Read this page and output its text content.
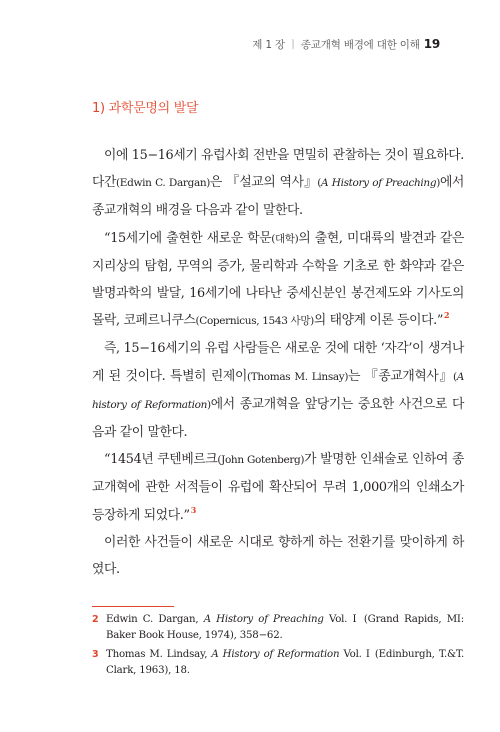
제 1 장 ㅣ 종교개혁 배경에 대한 이해 19
1) 과학문명의 발달

이에 15−16세기 유럽사회 전반을 면밀히 관찰하는 것이 필요하다. 다간(Edwin C. Dargan)은 『설교의 역사』(A History of Preaching)에서 종교개혁의 배경을 다음과 같이 말한다.

“15세기에 출현한 새로운 학문(대학)의 출현, 미대륙의 발견과 같은 지리상의 탐험, 무역의 증가, 물리학과 수학을 기초로 한 화약과 같은 발명과학의 발달, 16세기에 나타난 중세신분인 봉건제도와 기사도의 몰락, 코페르니쿠스(Copernicus, 1543 사망)의 태양계 이론 등이다.”$^2$

즉, 15−16세기의 유럽 사람들은 새로운 것에 대한 ‘자각’이 생겨나게 된 것이다. 특별히 린제이(Thomas M. Linsay)는 『종교개혁사』(A history of Reformation)에서 종교개혁을 앞당기는 중요한 사건으로 다음과 같이 말한다.

“1454년 쿠텐베르크(John Gotenberg)가 발명한 인쇄술로 인하여 종교개혁에 관한 서적들이 유럽에 확산되어 무려 1,000개의 인쇄소가 등장하게 되었다.”$^3$

이러한 사건들이 새로운 시대로 향하게 하는 전환기를 맞이하게 하였다.

2 Edwin C. Dargan, A History of Preaching Vol. Ⅰ (Grand Rapids, MI: Baker Book House, 1974), 358−62.
3 Thomas M. Lindsay, A History of Reformation Vol. Ⅰ (Edinburgh, T.&T. Clark, 1963), 18.
